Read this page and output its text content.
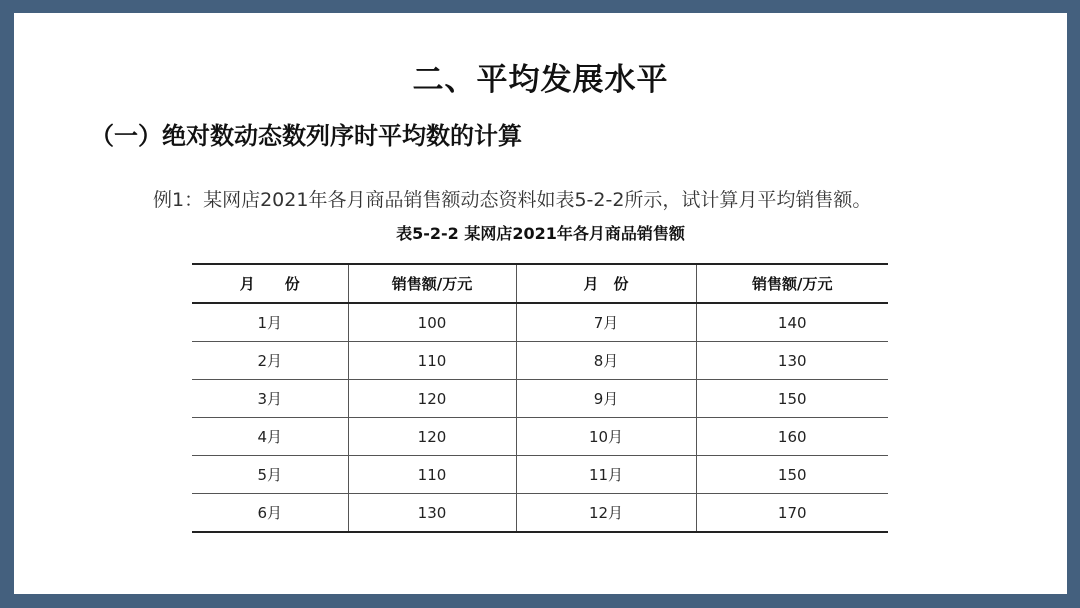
二、平均发展水平
（一）绝对数动态数列序时平均数的计算

例1：某网店2021年各月商品销售额动态资料如表5-2-2所示，试计算月平均销售额。

表5-2-2 某网店2021年各月商品销售额

月　　份	销售额/万元	月　份	销售额/万元
1月	100	7月	140
2月	110	8月	130
3月	120	9月	150
4月	120	10月	160
5月	110	11月	150
6月	130	12月	170
